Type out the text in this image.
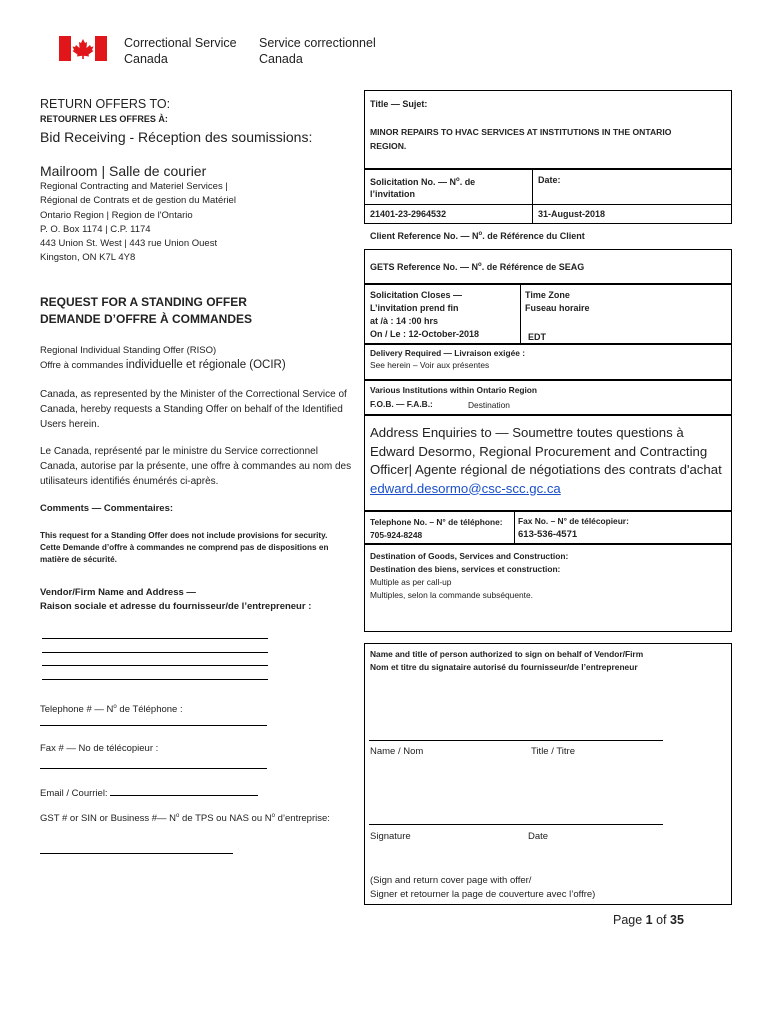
Correctional Service
Canada
Service correctionnel
Canada
RETURN OFFERS TO:
RETOURNER LES OFFRES À:
Bid Receiving - Réception des soumissions:
Mailroom | Salle de courier
Regional Contracting and Materiel Services |
Régional de Contrats et de gestion du Matériel
Ontario Region | Region de l'Ontario
P. O. Box 1174 | C.P. 1174
443 Union St. West | 443 rue Union Ouest
Kingston, ON K7L 4Y8
REQUEST FOR A STANDING OFFER
DEMANDE D’OFFRE À COMMANDES
Regional Individual Standing Offer (RISO)
Offre à commandes individuelle et régionale (OCIR)
Canada, as represented by the Minister of the Correctional Service of
Canada, hereby requests a Standing Offer on behalf of the Identified
Users herein.
Le Canada, représenté par le ministre du Service correctionnel
Canada, autorise par la présente, une offre à commandes au nom des
utilisateurs identifiés énumérés ci-après.
Comments — Commentaires:
This request for a Standing Offer does not include provisions for security.
Cette Demande d’offre à commandes ne comprend pas de dispositions en
matière de sécurité.
Vendor/Firm Name and Address —
Raison sociale et adresse du fournisseur/de l’entrepreneur :
Telephone # — $N^o$ de Téléphone :
Fax # — No de télécopieur :
Email / Courriel:
GST # or SIN or Business #— $N^o$ de TPS ou NAS ou $N^o$ d’entreprise:
Title — Sujet:
MINOR REPAIRS TO HVAC SERVICES AT INSTITUTIONS IN THE ONTARIO
REGION.
Solicitation No. — $N^o$. de
l’invitation
Date:
21401-23-2964532	31-August-2018
Client Reference No. — $N^o$. de Référence du Client
GETS Reference No. — $N^o$. de Référence de SEAG
Solicitation Closes —
L’invitation prend fin
at /à : 14 :00 hrs
On / Le : 12-October-2018
Time Zone
Fuseau horaire
EDT
Delivery Required — Livraison exigée :
See herein – Voir aux présentes
Various Institutions within Ontario Region
F.O.B. — F.A.B.:	Destination
Address Enquiries to — Soumettre toutes questions à
Edward Desormo, Regional Procurement and Contracting
Officer| Agente régional de négotiations des contrats d'achat
edward.desormo@csc-scc.gc.ca
Telephone No. – N° de téléphone:
705-924-8248
Fax No. – N° de télécopieur:
613-536-4571
Destination of Goods, Services and Construction:
Destination des biens, services et construction:
Multiple as per call-up
Multiples, selon la commande subséquente.
Name and title of person authorized to sign on behalf of Vendor/Firm
Nom et titre du signataire autorisé du fournisseur/de l’entrepreneur
Name / Nom	Title / Titre
Signature	Date
(Sign and return cover page with offer/
Signer et retourner la page de couverture avec l’offre)
Page 1 of 35
